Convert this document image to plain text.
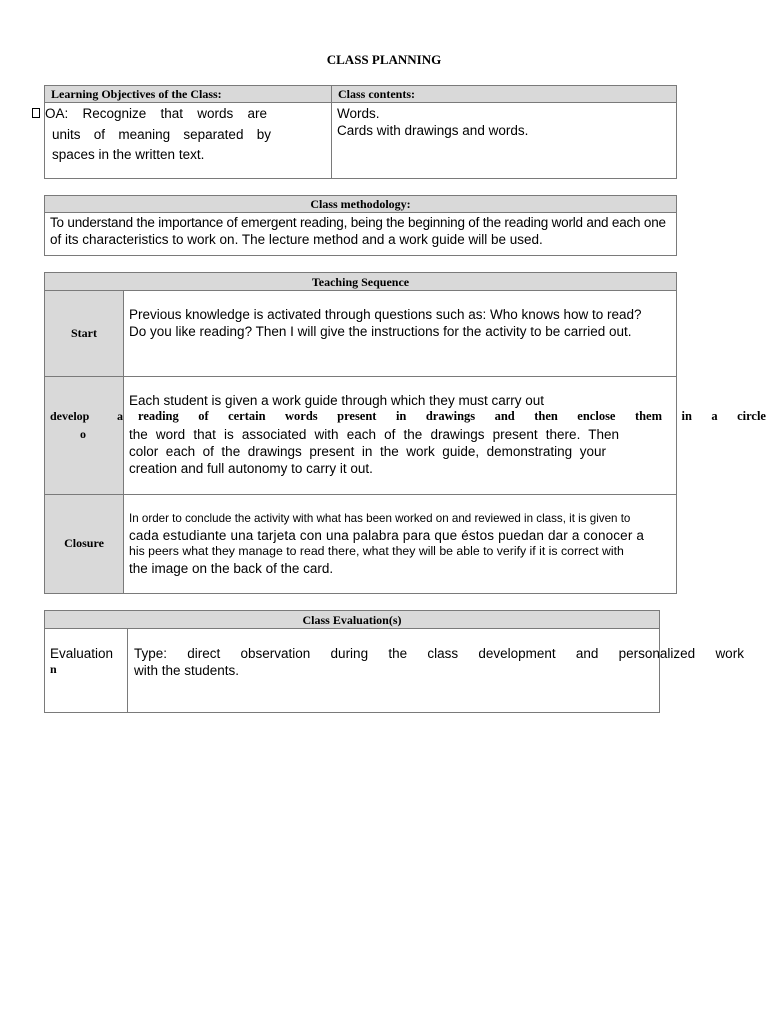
CLASS PLANNING
Learning Objectives of the Class:	Class contents:
OA: Recognize that words are
units of meaning separated by
spaces in the written text.
Words.
Cards with drawings and words.
Class methodology:
To understand the importance of emergent reading, being the beginning of the reading world and each one
of its characteristics to work on. The lecture method and a work guide will be used.
Teaching Sequence
Start
Closure
develop a
o
Previous knowledge is activated through questions such as: Who knows how to read?
Do you like reading? Then I will give the instructions for the activity to be carried out.
Each student is given a work guide through which they must carry out
reading of certain words present in drawings and then enclose them in a circle
the word that is associated with each of the drawings present there. Then
color each of the drawings present in the work guide, demonstrating your
creation and full autonomy to carry it out.
In order to conclude the activity with what has been worked on and reviewed in class, it is given to
cada estudiante una tarjeta con una palabra para que éstos puedan dar a conocer a
his peers what they manage to read there, what they will be able to verify if it is correct with
the image on the back of the card.
Class Evaluation(s)
Evaluation
n
Type: direct observation during the class development and personalized work
with the students.
